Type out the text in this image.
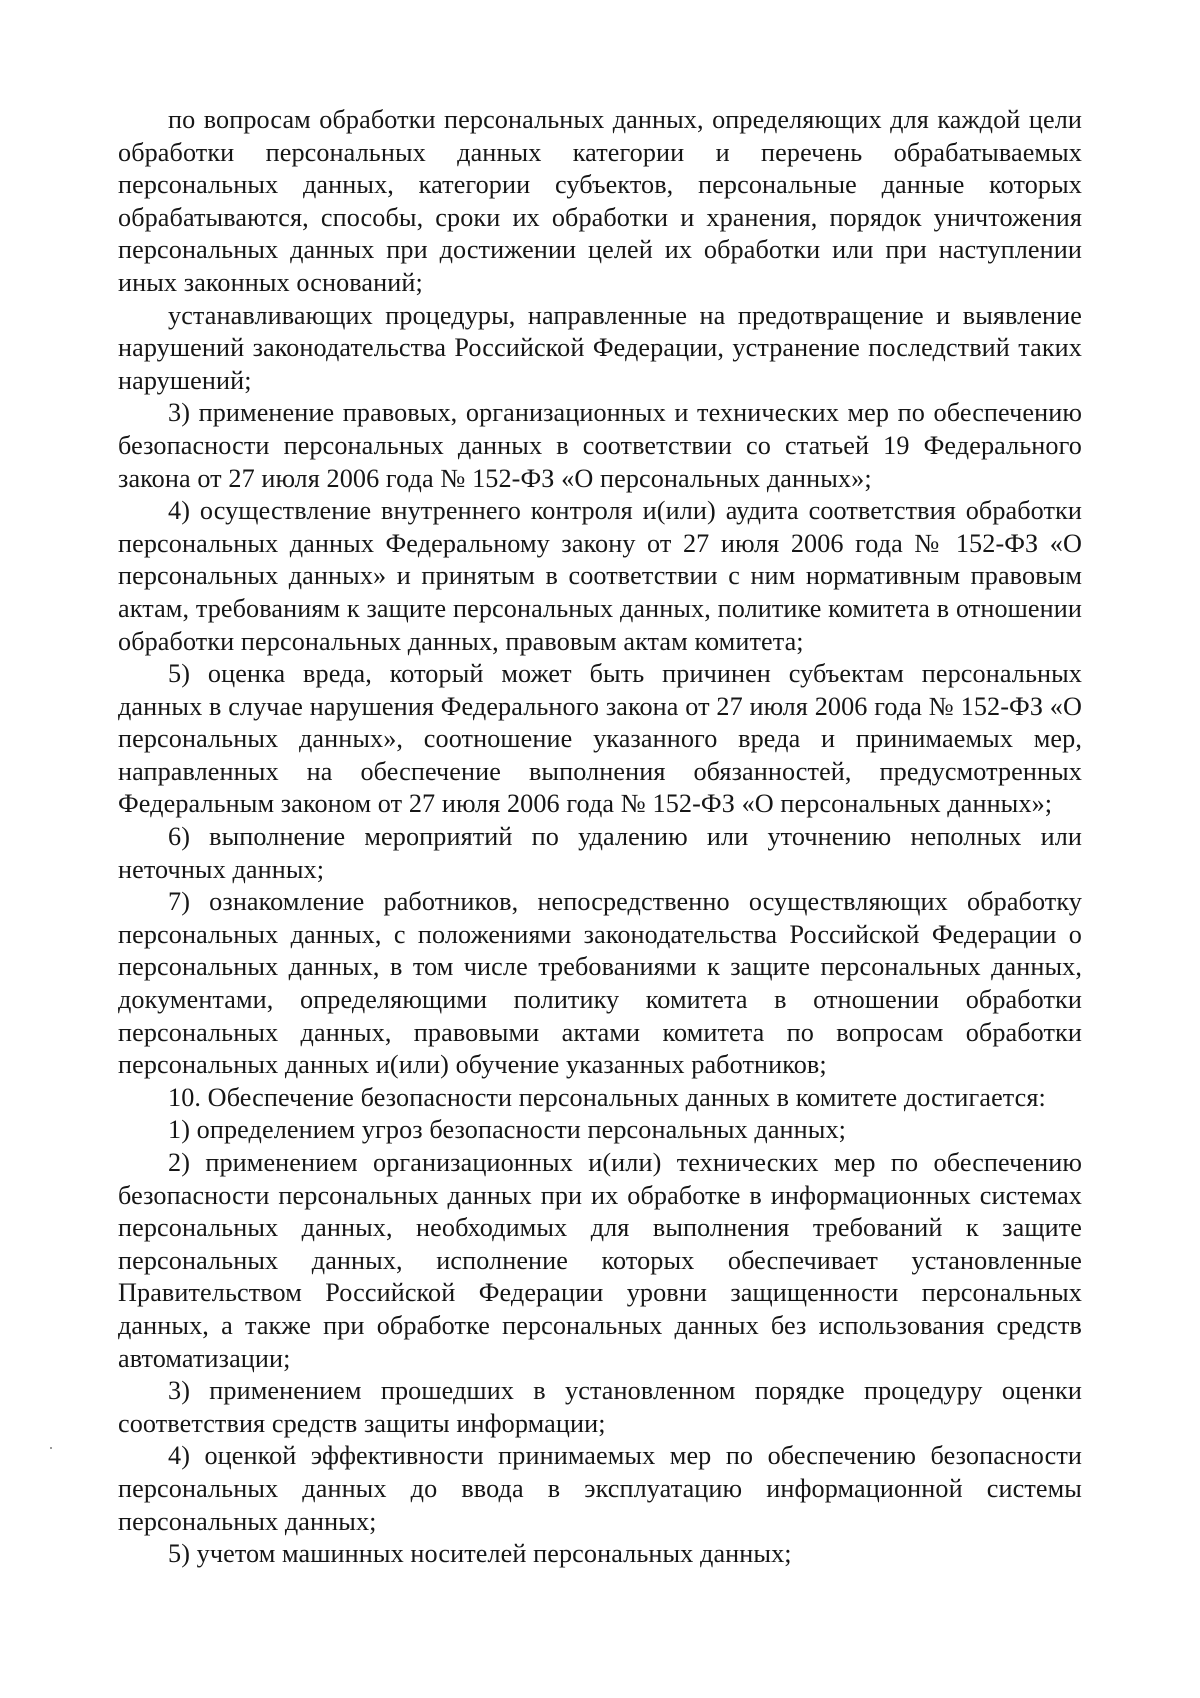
по вопросам обработки персональных данных, определяющих для каждой цели обработки персональных данных категории и перечень обрабатываемых персональных данных, категории субъектов, персональные данные которых обрабатываются, способы, сроки их обработки и хранения, порядок уничтожения персональных данных при достижении целей их обработки или при наступлении иных законных оснований;

устанавливающих процедуры, направленные на предотвращение и выявление нарушений законодательства Российской Федерации, устранение последствий таких нарушений;

3) применение правовых, организационных и технических мер по обеспечению безопасности персональных данных в соответствии со статьей 19 Федерального закона от 27 июля 2006 года № 152-ФЗ «О персональных данных»;

4) осуществление внутреннего контроля и(или) аудита соответствия обработки персональных данных Федеральному закону от 27 июля 2006 года № 152-ФЗ «О персональных данных» и принятым в соответствии с ним нормативным правовым актам, требованиям к защите персональных данных, политике комитета в отношении обработки персональных данных, правовым актам комитета;

5) оценка вреда, который может быть причинен субъектам персональных данных в случае нарушения Федерального закона от 27 июля 2006 года № 152-ФЗ «О персональных данных», соотношение указанного вреда и принимаемых мер, направленных на обеспечение выполнения обязанностей, предусмотренных Федеральным законом от 27 июля 2006 года № 152-ФЗ «О персональных данных»;

6) выполнение мероприятий по удалению или уточнению неполных или неточных данных;

7) ознакомление работников, непосредственно осуществляющих обработку персональных данных, с положениями законодательства Российской Федерации о персональных данных, в том числе требованиями к защите персональных данных, документами, определяющими политику комитета в отношении обработки персональных данных, правовыми актами комитета по вопросам обработки персональных данных и(или) обучение указанных работников;

10. Обеспечение безопасности персональных данных в комитете достигается:

1) определением угроз безопасности персональных данных;

2) применением организационных и(или) технических мер по обеспечению безопасности персональных данных при их обработке в информационных системах персональных данных, необходимых для выполнения требований к защите персональных данных, исполнение которых обеспечивает установленные Правительством Российской Федерации уровни защищенности персональных данных, а также при обработке персональных данных без использования средств автоматизации;

3) применением прошедших в установленном порядке процедуру оценки соответствия средств защиты информации;

4) оценкой эффективности принимаемых мер по обеспечению безопасности персональных данных до ввода в эксплуатацию информационной системы персональных данных;

5) учетом машинных носителей персональных данных;
